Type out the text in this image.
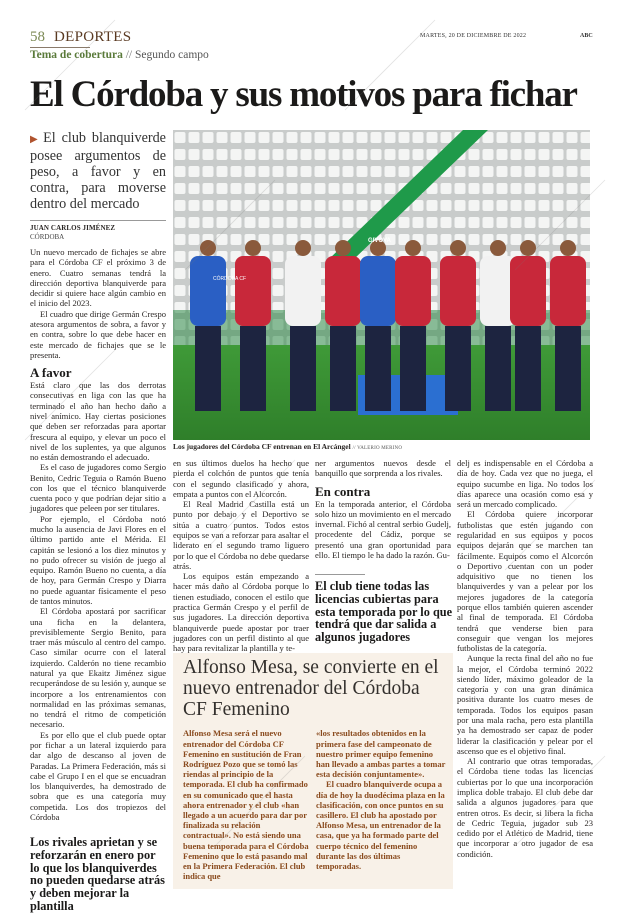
58 DEPORTES	MARTES, 20 DE DICIEMBRE DE 2022	ABC
Tema de cobertura // Segundo campo
El Córdoba y sus motivos para fichar
▶ El club blanquiverde posee argumentos de peso, a favor y en contra, para moverse dentro del mercado
JUAN CARLOS JIMÉNEZ
CÓRDOBA

Un nuevo mercado de fichajes se abre para el Córdoba CF el próximo 3 de enero. Cuatro semanas tendrá la dirección deportiva blanquiverde para decidir si quiere hace algún cambio en el inicio del 2023.

El cuadro que dirige Germán Crespo atesora argumentos de sobra, a favor y en contra, sobre lo que debe hacer en este mercado de fichajes que se le presenta.

A favor

Está claro que las dos derrotas consecutivas en liga con las que ha terminado el año han hecho daño a nivel anímico. Hay ciertas posiciones que deben ser reforzadas para aportar frescura al equipo, y elevar un poco el nivel de los suplentes, ya que algunos no están demostrando el adecuado.

Es el caso de jugadores como Sergio Benito, Cedric Teguia o Ramón Bueno con los que el técnico blanquiverde cuenta poco y que podrían dejar sitio a jugadores que peleen por ser titulares.

Por ejemplo, el Córdoba notó mucho la ausencia de Javi Flores en el último partido ante el Mérida. El capitán se lesionó a los diez minutos y no pudo ofrecer su visión de juego al equipo. Ramón Bueno no cuenta, a día de hoy, para Germán Crespo y Diarra no puede aguantar físicamente el peso de tantos minutos.

El Córdoba apostará por sacrificar una ficha en la delantera, previsiblemente Sergio Benito, para traer más músculo al centro del campo. Caso similar ocurre con el lateral izquierdo. Calderón no tiene recambio natural ya que Ekaitz Jiménez sigue recuperándose de su lesión y, aunque se incorpore a los entrenamientos con normalidad en las próximas semanas, no tendrá el ritmo de competición necesario.

Es por ello que el club puede optar por fichar a un lateral izquierdo para dar algo de descanso al joven de Paradas. La Primera Federación, más si cabe el Grupo I en el que se encuadran los blanquiverdes, ha demostrado de sobra que es una categoría muy competida. Los dos tropiezos del Córdoba

Los rivales aprietan y se reforzarán en enero por lo que los blanquiverdes no pueden quedarse atrás y deben mejorar la plantilla
CÓRDOBA CF
GIVOVA
Los jugadores del Córdoba CF entrenan en El Arcángel // VALERIO MERINO

en sus últimos duelos ha hecho que pierda el colchón de puntos que tenía con el segundo clasificado y ahora, empata a puntos con el Alcorcón.

El Real Madrid Castilla está un punto por debajo y el Deportivo se sitúa a cuatro puntos. Todos estos equipos se van a reforzar para asaltar el liderato en el segundo tramo liguero por lo que el Córdoba no debe quedarse atrás.

Los equipos están empezando a hacer más daño al Córdoba porque lo tienen estudiado, conocen el estilo que practica Germán Crespo y el perfil de sus jugadores. La dirección deportiva blanquiverde puede apostar por traer jugadores con un perfil distinto al que hay para revitalizar la plantilla y te-

ner argumentos nuevos desde el banquillo que sorprenda a los rivales.

En contra

En la temporada anterior, el Córdoba solo hizo un movimiento en el mercado invernal. Fichó al central serbio Gudelj, procedente del Cádiz, porque se presentó una gran oportunidad para ello. El tiempo le ha dado la razón. Gu-

El club tiene todas las licencias cubiertas para esta temporada por lo que tendrá que dar salida a algunos jugadores
Alfonso Mesa, se convierte en el nuevo entrenador del Córdoba CF Femenino

Alfonso Mesa será el nuevo entrenador del Córdoba CF Femenino en sustitución de Fran Rodríguez Pozo que se tomó las riendas al principio de la temporada. El club ha confirmado en su comunicado que el hasta ahora entrenador y el club «han llegado a un acuerdo para dar por finalizada su relación contractual». No está siendo una buena temporada para el Córdoba Femenino que lo está pasando mal en la Primera Federación. El club indica que

«los resultados obtenidos en la primera fase del campeonato de nuestro primer equipo femenino han llevado a ambas partes a tomar esta decisión conjuntamente».

El cuadro blanquiverde ocupa a día de hoy la duodécima plaza en la clasificación, con once puntos en su casillero. El club ha apostado por Alfonso Mesa, un entrenador de la casa, que ya ha formado parte del cuerpo técnico del femenino durante las dos últimas temporadas.

delj es indispensable en el Córdoba a día de hoy. Cada vez que no juega, el equipo sucumbe en liga. No todos los días aparece una ocasión como esa y será un mercado complicado.

El Córdoba quiere incorporar futbolistas que estén jugando con regularidad en sus equipos y pocos equipos dejarán que se marchen tan fácilmente. Equipos como el Alcorcón o Deportivo cuentan con un poder adquisitivo que no tienen los blanquiverdes y van a pelear por los mejores jugadores de la categoría porque ellos también quieren ascender al final de temporada. El Córdoba tendrá que venderse bien para conseguir que vengan los mejores futbolistas de la categoría.

Aunque la recta final del año no fue la mejor, el Córdoba terminó 2022 siendo líder, máximo goleador de la categoría y con una gran dinámica positiva durante los cuatro meses de temporada. Todos los equipos pasan por una mala racha, pero esta plantilla ya ha demostrado ser capaz de poder liderar la clasificación y pelear por el ascenso que es el objetivo final.

Al contrario que otras temporadas, el Córdoba tiene todas las licencias cubiertas por lo que una incorporación implica doble trabajo. El club debe dar salida a algunos jugadores para que entren otros. Es decir, si libera la ficha de Cedric Teguia, jugador sub 23 cedido por el Atlético de Madrid, tiene que incorporar a otro jugador de esa condición.
